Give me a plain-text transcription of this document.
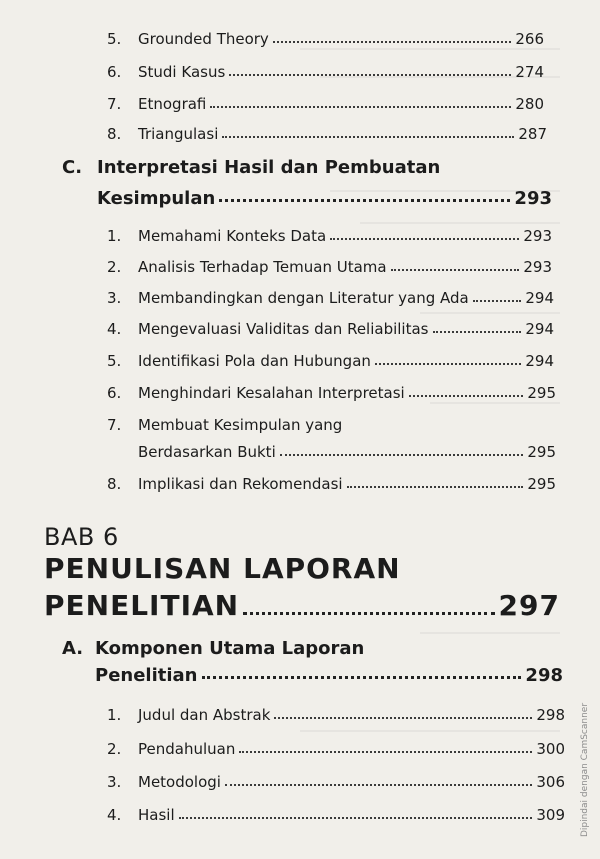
5.	Grounded Theory	266
6.	Studi Kasus	274
7.	Etnografi	280
8.	Triangulasi	287
C. Interpretasi Hasil dan Pembuatan
Kesimpulan	293
1.	Memahami Konteks Data	293
2.	Analisis Terhadap Temuan Utama	293
3.	Membandingkan dengan Literatur yang Ada	294
4.	Mengevaluasi Validitas dan Reliabilitas	294
5.	Identifikasi Pola dan Hubungan	294
6.	Menghindari Kesalahan Interpretasi	295
7.	Membuat Kesimpulan yang
Berdasarkan Bukti	295
8.	Implikasi dan Rekomendasi	295
BAB 6
PENULISAN LAPORAN
PENELITIAN	297
A. Komponen Utama Laporan
Penelitian	298
1.	Judul dan Abstrak	298
2.	Pendahuluan	300
3.	Metodologi	306
4.	Hasil	309 Dipindai dengan CamScanner
